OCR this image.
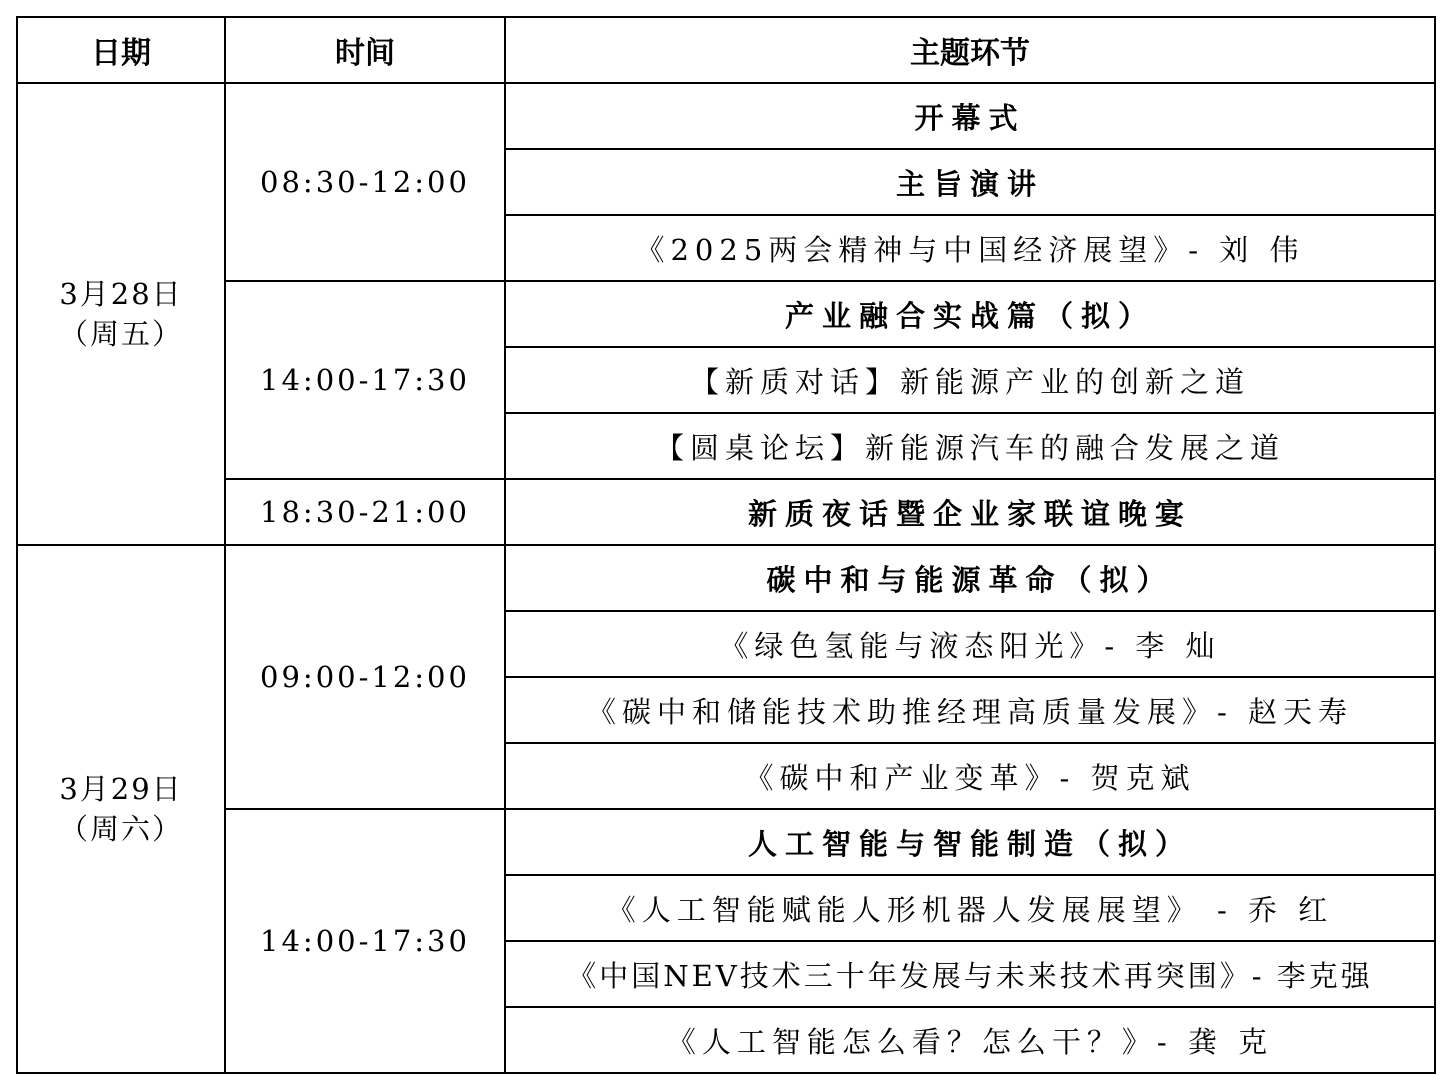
日期	时间	主题环节

3月28日
（周五）	08:30-12:00	开幕式
		主旨演讲
		《2025两会精神与中国经济展望》- 刘 伟
	14:00-17:30	产业融合实战篇（拟）
		【新质对话】新能源产业的创新之道
		【圆桌论坛】新能源汽车的融合发展之道
	18:30-21:00	新质夜话暨企业家联谊晚宴

3月29日
（周六）	09:00-12:00	碳中和与能源革命（拟）
		《绿色氢能与液态阳光》- 李 灿
		《碳中和储能技术助推经理高质量发展》- 赵天寿
		《碳中和产业变革》- 贺克斌
	14:00-17:30	人工智能与智能制造（拟）
		《人工智能赋能人形机器人发展展望》 - 乔 红
		《中国NEV技术三十年发展与未来技术再突围》- 李克强
		《人工智能怎么看？怎么干？》- 龚 克
